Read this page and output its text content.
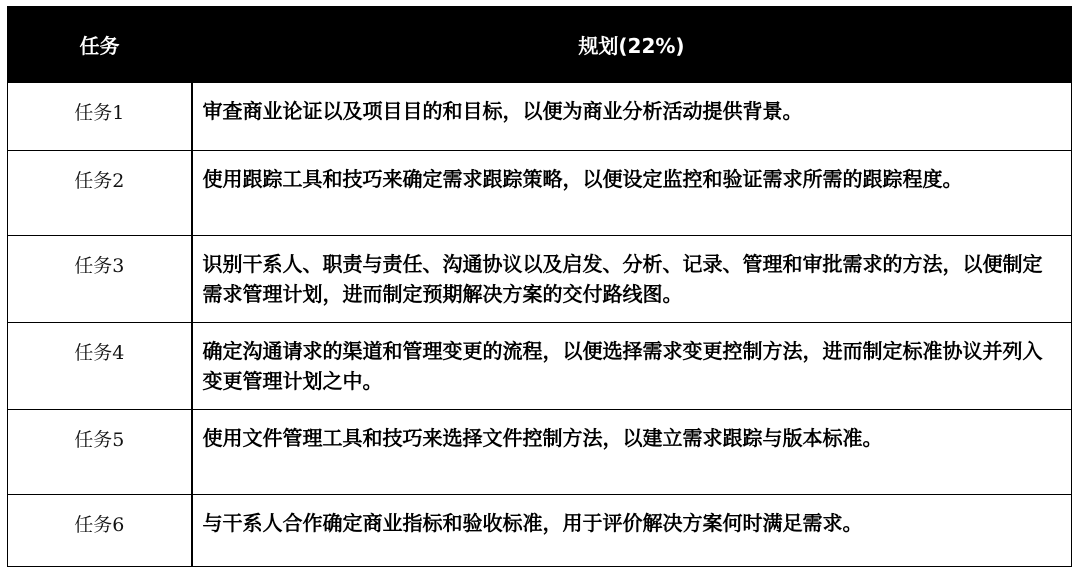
任务	规划(22%)
任务1	审查商业论证以及项目目的和目标，以便为商业分析活动提供背景。
任务2	使用跟踪工具和技巧来确定需求跟踪策略，以便设定监控和验证需求所需的跟踪程度。
任务3	识别干系人、职责与责任、沟通协议以及启发、分析、记录、管理和审批需求的方法，以便制定需求管理计划，进而制定预期解决方案的交付路线图。
任务4	确定沟通请求的渠道和管理变更的流程，以便选择需求变更控制方法，进而制定标准协议并列入变更管理计划之中。
任务5	使用文件管理工具和技巧来选择文件控制方法，以建立需求跟踪与版本标准。
任务6	与干系人合作确定商业指标和验收标准，用于评价解决方案何时满足需求。
